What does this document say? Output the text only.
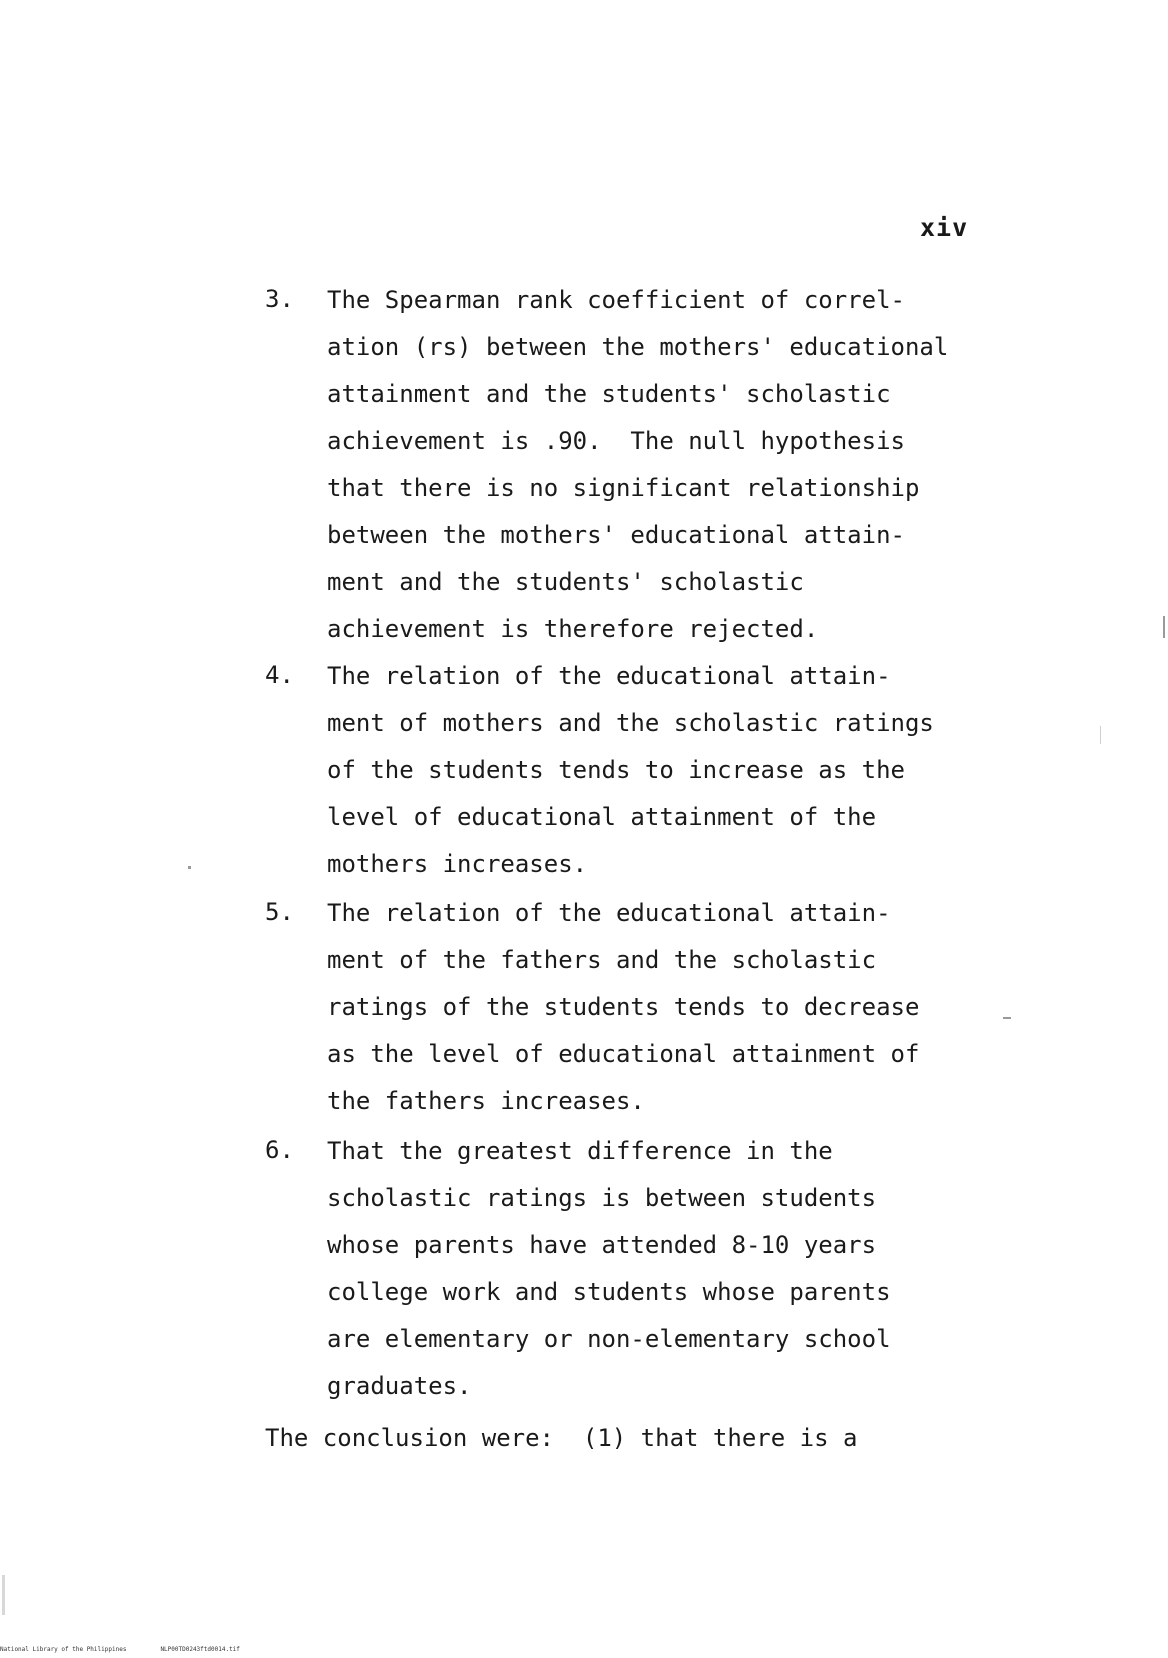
xiv
3.	The Spearman rank coefficient of correl-
ation (rs) between the mothers' educational
attainment and the students' scholastic
achievement is .90.  The null hypothesis
that there is no significant relationship
between the mothers' educational attain-
ment and the students' scholastic
achievement is therefore rejected.
4.	The relation of the educational attain-
ment of mothers and the scholastic ratings
of the students tends to increase as the
level of educational attainment of the
mothers increases.
5.	The relation of the educational attain-
ment of the fathers and the scholastic
ratings of the students tends to decrease
as the level of educational attainment of
the fathers increases.
6.	That the greatest difference in the
scholastic ratings is between students
whose parents have attended 8-10 years
college work and students whose parents
are elementary or non-elementary school
graduates.
The conclusion were:  (1) that there is a
National Library of the Philippines	NLP00TD0243ftd0014.tif
